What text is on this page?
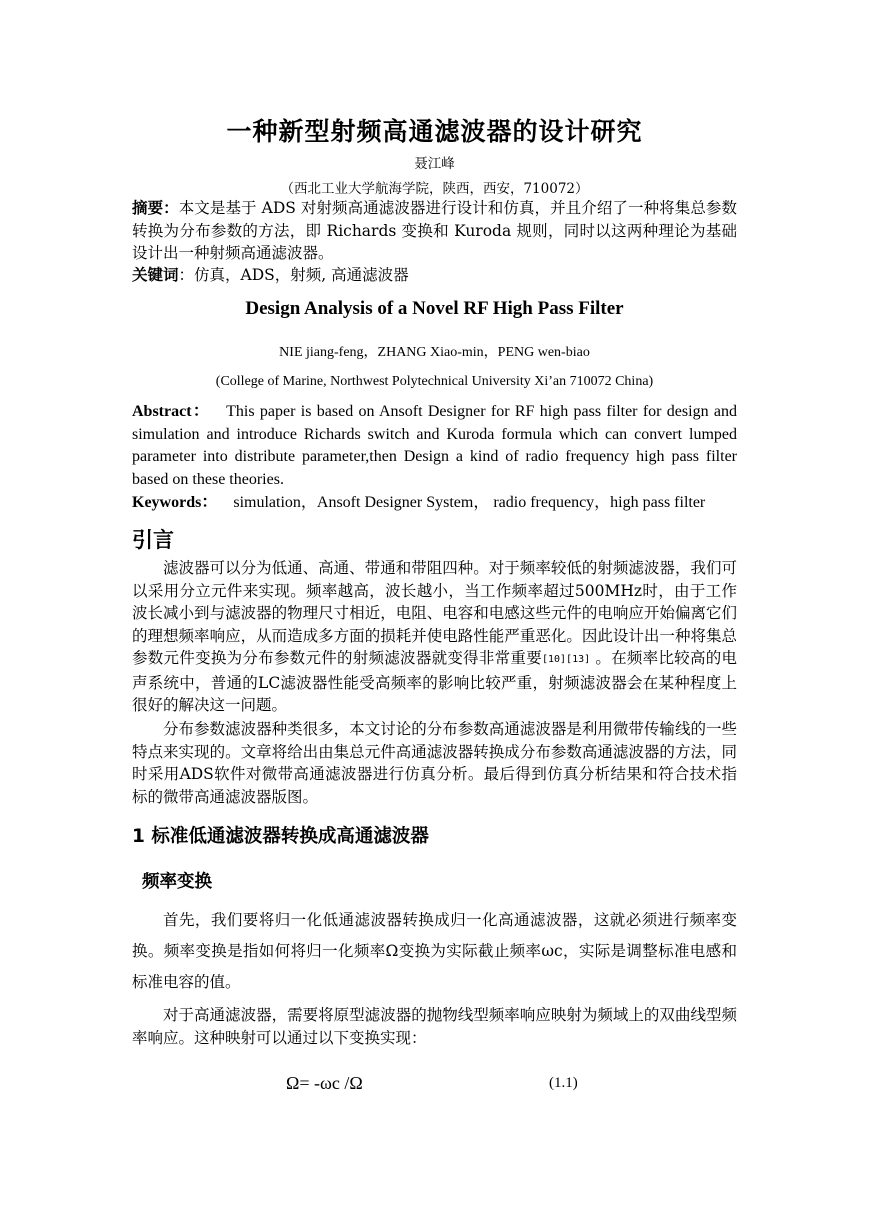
一种新型射频高通滤波器的设计研究
聂江峰
（西北工业大学航海学院，陕西，西安，710072）
摘要：本文是基于 ADS 对射频高通滤波器进行设计和仿真，并且介绍了一种将集总参数转换为分布参数的方法，即 Richards 变换和 Kuroda 规则，同时以这两种理论为基础设计出一种射频高通滤波器。
关键词：仿真，ADS，射频, 高通滤波器
Design Analysis of a Novel RF High Pass Filter
NIE jiang-feng，ZHANG Xiao-min，PENG wen-biao
(College of Marine, Northwest Polytechnical University Xi’an 710072 China)
Abstract： This paper is based on Ansoft Designer for RF high pass filter for design and simulation and introduce Richards switch and Kuroda formula which can convert lumped parameter into distribute parameter,then Design a kind of radio frequency high pass filter based on these theories.
Keywords： simulation，Ansoft Designer System， radio frequency，high pass filter
引言
滤波器可以分为低通、高通、带通和带阻四种。对于频率较低的射频滤波器，我们可以采用分立元件来实现。频率越高，波长越小，当工作频率超过500MHz时，由于工作波长减小到与滤波器的物理尺寸相近，电阻、电容和电感这些元件的电响应开始偏离它们的理想频率响应，从而造成多方面的损耗并使电路性能严重恶化。因此设计出一种将集总参数元件变换为分布参数元件的射频滤波器就变得非常重要[10][13] 。在频率比较高的电声系统中，普通的LC滤波器性能受高频率的影响比较严重，射频滤波器会在某种程度上很好的解决这一问题。
分布参数滤波器种类很多，本文讨论的分布参数高通滤波器是利用微带传输线的一些特点来实现的。文章将给出由集总元件高通滤波器转换成分布参数高通滤波器的方法，同时采用ADS软件对微带高通滤波器进行仿真分析。最后得到仿真分析结果和符合技术指标的微带高通滤波器版图。
1 标准低通滤波器转换成高通滤波器
频率变换
首先，我们要将归一化低通滤波器转换成归一化高通滤波器，这就必须进行频率变换。频率变换是指如何将归一化频率Ω变换为实际截止频率ωc，实际是调整标准电感和标准电容的值。
对于高通滤波器，需要将原型滤波器的抛物线型频率响应映射为频域上的双曲线型频率响应。这种映射可以通过以下变换实现：
Ω= -ωc /Ω	(1.1)
